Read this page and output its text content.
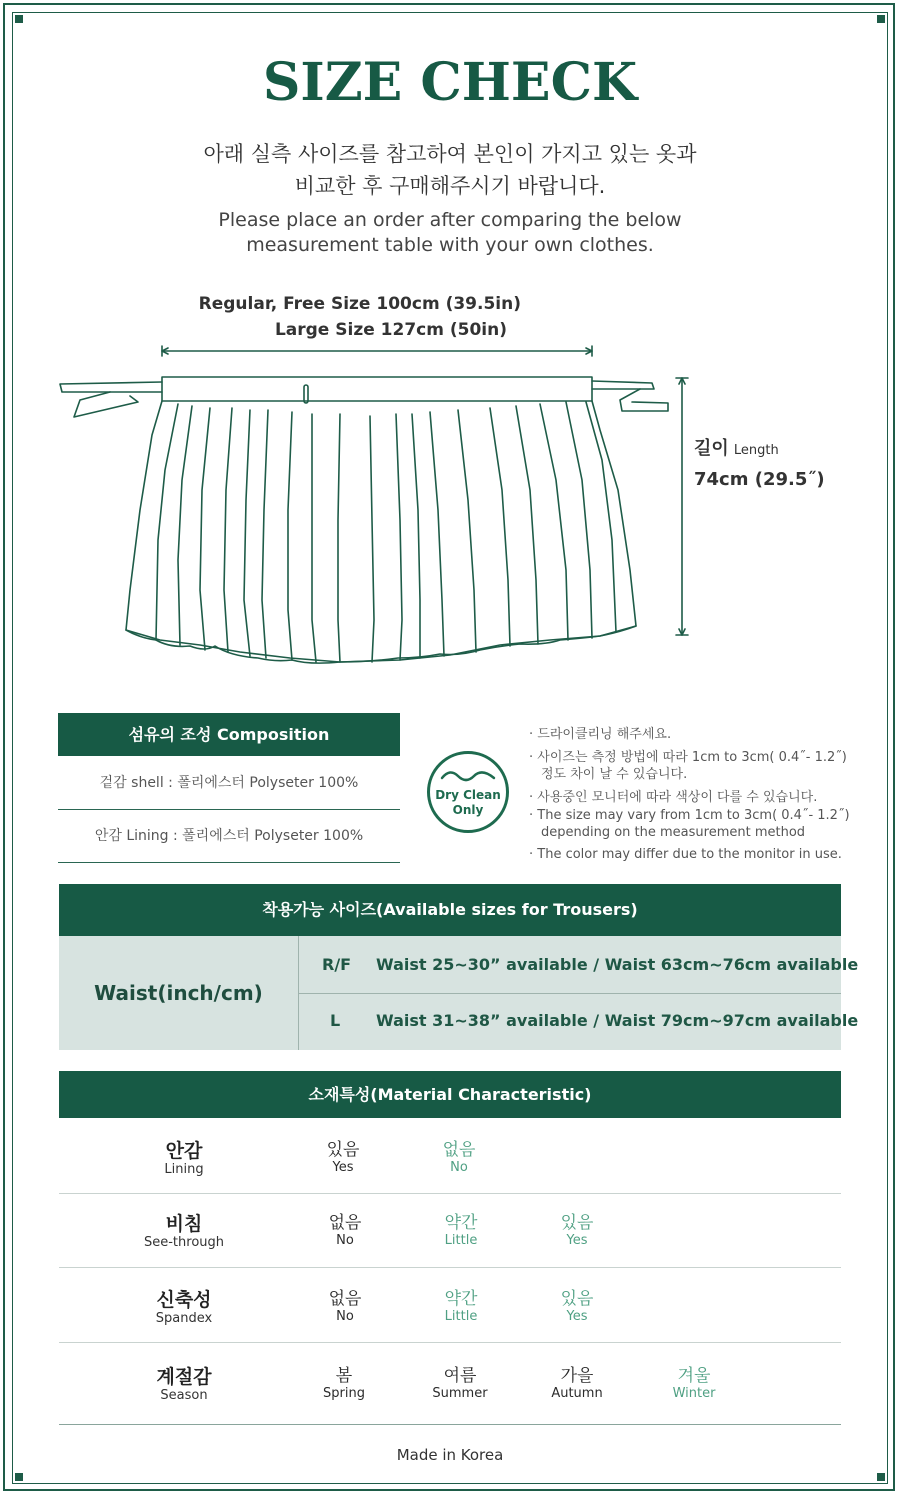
SIZE CHECK
아래 실측 사이즈를 참고하여 본인이 가지고 있는 옷과
비교한 후 구매해주시기 바랍니다.
Please place an order after comparing the below
measurement table with your own clothes.
Regular, Free Size 100cm (39.5in)
Large Size 127cm (50in)
길이 Length
74cm (29.5˝)
섬유의 조성 Composition
겉감 shell : 폴리에스터 Polyseter 100%
안감 Lining : 폴리에스터 Polyseter 100%
Dry Clean
Only
· 드라이클리닝 해주세요.
· 사이즈는 측정 방법에 따라 1cm to 3cm( 0.4˝- 1.2˝)
정도 차이 날 수 있습니다.
· 사용중인 모니터에 따라 색상이 다를 수 있습니다.
· The size may vary from 1cm to 3cm( 0.4˝- 1.2˝)
depending on the measurement method
· The color may differ due to the monitor in use.
착용가능 사이즈(Available sizes for Trousers)
Waist(inch/cm)
R/F Waist 25~30” available / Waist 63cm~76cm available
L Waist 31~38” available / Waist 79cm~97cm available
소재특성(Material Characteristic)
안감
Lining
있음
Yes
없음
No
비침
See-through
없음
No
약간
Little
있음
Yes
신축성
Spandex
없음
No
약간
Little
있음
Yes
계절감
Season
봄
Spring
여름
Summer
가을
Autumn
겨울
Winter
Made in Korea
